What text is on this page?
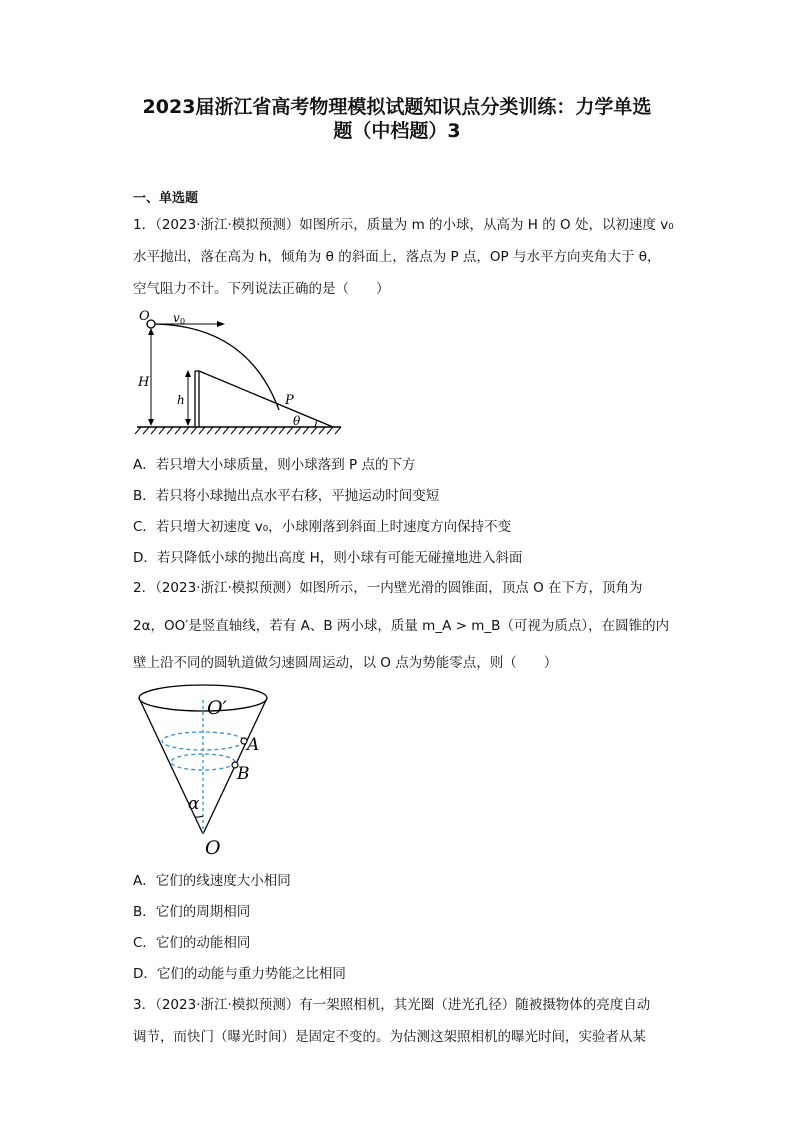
2023届浙江省高考物理模拟试题知识点分类训练：力学单选
题（中档题）3
一、单选题
1．（2023·浙江·模拟预测）如图所示，质量为 m 的小球，从高为 H 的 O 处，以初速度 v₀
水平抛出，落在高为 h，倾角为 θ 的斜面上，落点为 P 点，OP 与水平方向夹角大于 θ，
空气阻力不计。下列说法正确的是（　　）
O v 0
H
h	P
θ
A．若只增大小球质量，则小球落到 P 点的下方
B．若只将小球抛出点水平右移，平抛运动时间变短
C．若只增大初速度 v₀，小球刚落到斜面上时速度方向保持不变
D．若只降低小球的抛出高度 H，则小球有可能无碰撞地进入斜面
2．（2023·浙江·模拟预测）如图所示，一内壁光滑的圆锥面，顶点 O 在下方，顶角为
2α，OO′是竖直轴线，若有 A、B 两小球，质量 m_A > m_B（可视为质点），在圆锥的内
壁上沿不同的圆轨道做匀速圆周运动，以 O 点为势能零点，则（　　）
O′
A
B
α
O
A．它们的线速度大小相同
B．它们的周期相同
C．它们的动能相同
D．它们的动能与重力势能之比相同
3．（2023·浙江·模拟预测）有一架照相机，其光圈（进光孔径）随被摄物体的亮度自动
调节，而快门（曝光时间）是固定不变的。为估测这架照相机的曝光时间，实验者从某
